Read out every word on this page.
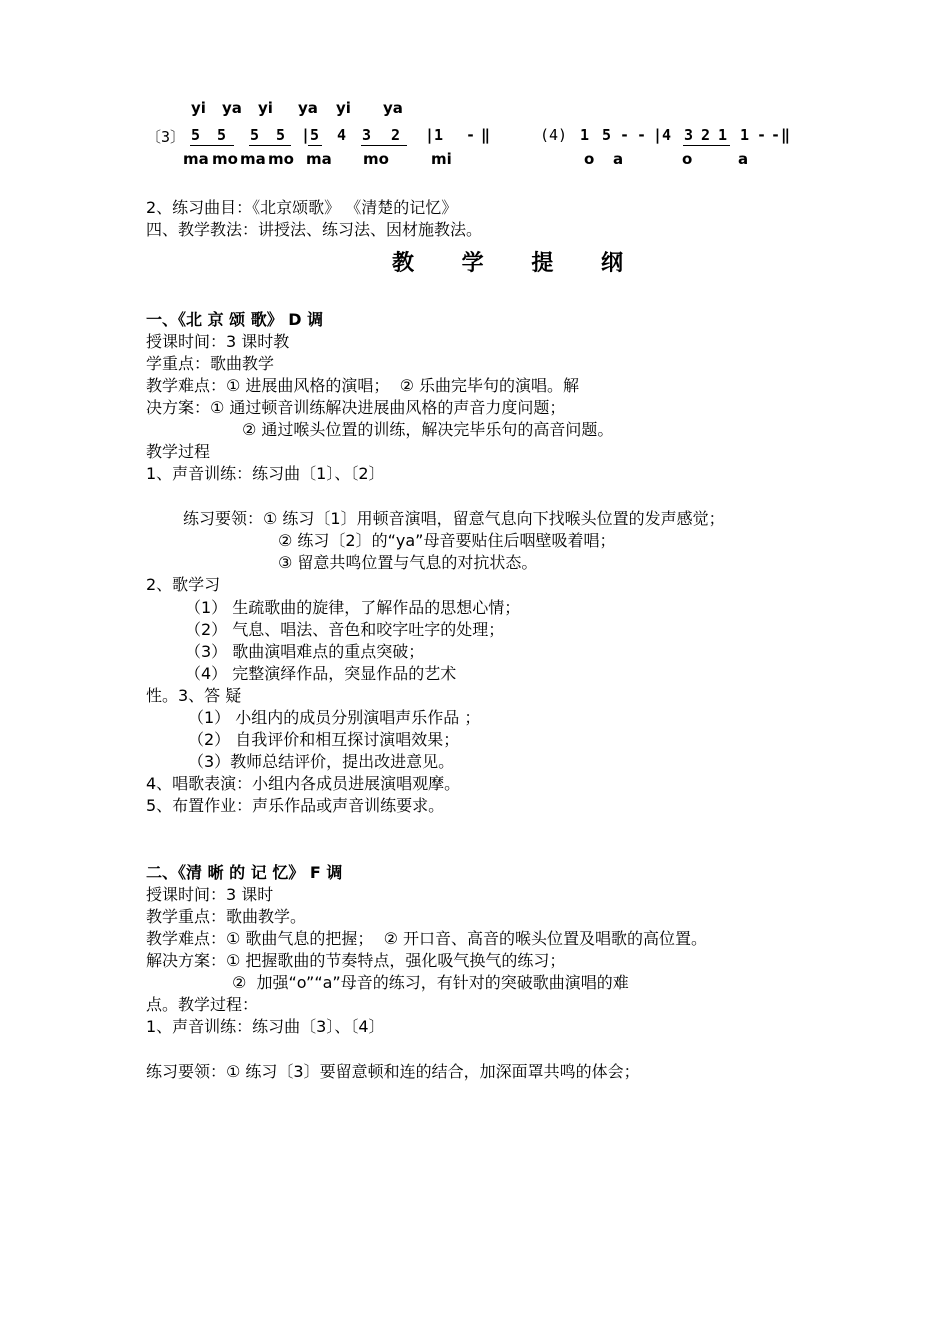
yi ya yi ya yi ya
〔3〕 5 5 5 5 |5 4 3 2 |1 - ‖	(4) 1 5 - - |4 3 2 1 1 - - ‖
ma mo ma mo ma mo	mi	o a	o	a
2、练习曲目：《北京颂歌》 《清楚的记忆》
四、教学教法：讲授法、练习法、因材施教法。
教 学 提 纲
一、《北 京 颂 歌》 D 调
授课时间：3 课时教
学重点：歌曲教学
教学难点：① 进展曲风格的演唱；  ② 乐曲完毕句的演唱。解
决方案：① 通过顿音训练解决进展曲风格的声音力度问题；
② 通过喉头位置的训练，解决完毕乐句的高音问题。
教学过程
1、声音训练：练习曲〔1〕、〔2〕
练习要领：① 练习〔1〕用顿音演唱，留意气息向下找喉头位置的发声感觉；
② 练习〔2〕的“ya”母音要贴住后咽壁吸着唱；
③ 留意共鸣位置与气息的对抗状态。
2、歌学习
（1） 生疏歌曲的旋律，了解作品的思想心情；
（2） 气息、唱法、音色和咬字吐字的处理；
（3） 歌曲演唱难点的重点突破；
（4） 完整演绎作品，突显作品的艺术
性。3、答 疑
（1） 小组内的成员分别演唱声乐作品 ；
（2） 自我评价和相互探讨演唱效果；
（3）教师总结评价，提出改进意见。
4、唱歌表演：小组内各成员进展演唱观摩。
5、布置作业：声乐作品或声音训练要求。
二、《清 晰 的 记 忆》 F 调
授课时间：3 课时
教学重点：歌曲教学。
教学难点：① 歌曲气息的把握；  ② 开口音、高音的喉头位置及唱歌的高位置。
解决方案：① 把握歌曲的节奏特点，强化吸气换气的练习；
②  加强“o”“a”母音的练习，有针对的突破歌曲演唱的难
点。教学过程：
1、声音训练：练习曲〔3〕、〔4〕
练习要领：① 练习〔3〕要留意顿和连的结合，加深面罩共鸣的体会；
